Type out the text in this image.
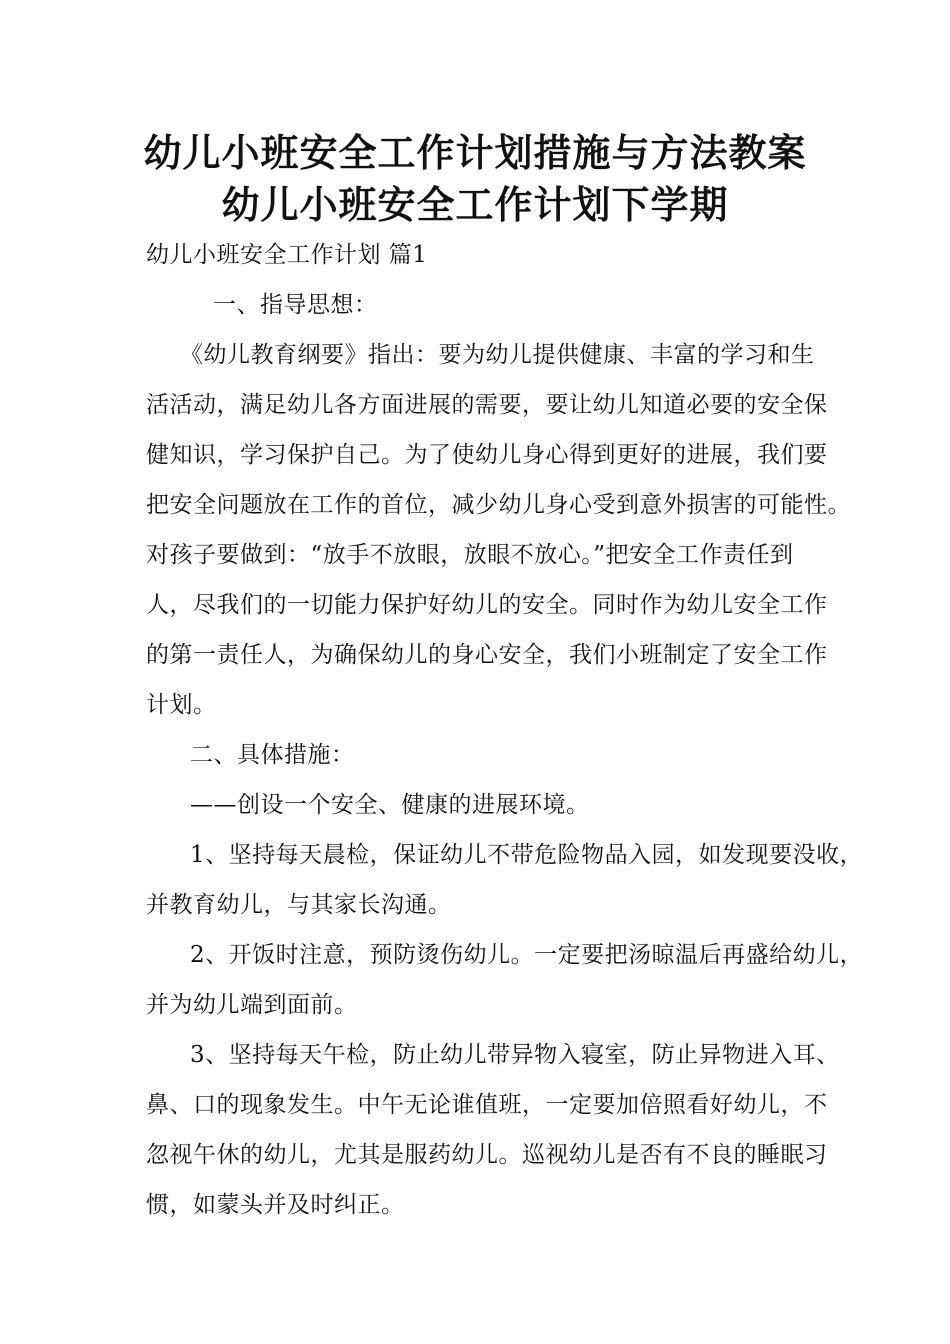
幼儿小班安全工作计划措施与方法教案
幼儿小班安全工作计划下学期
幼儿小班安全工作计划 篇1
一、指导思想：
《幼儿教育纲要》指出：要为幼儿提供健康、丰富的学习和生
活活动，满足幼儿各方面进展的需要，要让幼儿知道必要的安全保
健知识，学习保护自己。为了使幼儿身心得到更好的进展，我们要
把安全问题放在工作的首位，减少幼儿身心受到意外损害的可能性。
对孩子要做到：“放手不放眼，放眼不放心。”把安全工作责任到
人，尽我们的一切能力保护好幼儿的安全。同时作为幼儿安全工作
的第一责任人，为确保幼儿的身心安全，我们小班制定了安全工作
计划。
二、具体措施：
——创设一个安全、健康的进展环境。
1、坚持每天晨检，保证幼儿不带危险物品入园，如发现要没收，
并教育幼儿，与其家长沟通。
2、开饭时注意，预防烫伤幼儿。一定要把汤晾温后再盛给幼儿，
并为幼儿端到面前。
3、坚持每天午检，防止幼儿带异物入寝室，防止异物进入耳、
鼻、口的现象发生。中午无论谁值班，一定要加倍照看好幼儿，不
忽视午休的幼儿，尤其是服药幼儿。巡视幼儿是否有不良的睡眠习
惯，如蒙头并及时纠正。
